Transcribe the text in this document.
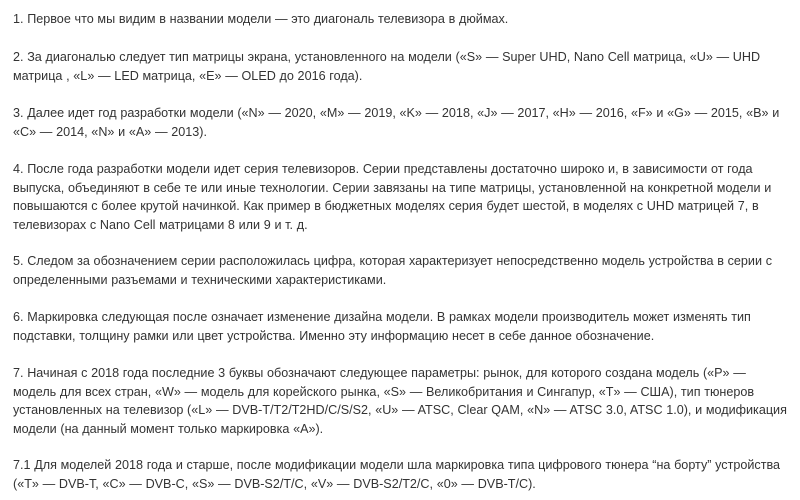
1. Первое что мы видим в названии модели — это диагональ телевизора в дюймах.

2. За диагональю следует тип матрицы экрана, установленного на модели («S» — Super UHD, Nano Cell матрица, «U» — UHD матрица , «L» — LED матрица, «E» — OLED до 2016 года).

3. Далее идет год разработки модели («N» — 2020, «M» — 2019, «K» — 2018, «J» — 2017, «H» — 2016, «F» и «G» — 2015, «B» и «C» — 2014, «N» и «A» — 2013).

4. После года разработки модели идет серия телевизоров. Серии представлены достаточно широко и, в зависимости от года выпуска, объединяют в себе те или иные технологии. Серии завязаны на типе матрицы, установленной на конкретной модели и повышаются с более крутой начинкой. Как пример в бюджетных моделях серия будет шестой, в моделях с UHD матрицей 7, в телевизорах с Nano Cell матрицами 8 или 9 и т. д.

5. Следом за обозначением серии расположилась цифра, которая характеризует непосредственно модель устройства в серии с определенными разъемами и техническими характеристиками.

6. Маркировка следующая после означает изменение дизайна модели. В рамках модели производитель может изменять тип подставки, толщину рамки или цвет устройства. Именно эту информацию несет в себе данное обозначение.

7. Начиная с 2018 года последние 3 буквы обозначают следующее параметры: рынок, для которого создана модель («P» — модель для всех стран, «W» — модель для корейского рынка, «S» — Великобритания и Сингапур, «T» — США), тип тюнеров установленных на телевизор («L» — DVB-T/T2/T2HD/C/S/S2, «U» — ATSC, Clear QAM, «N» — ATSC 3.0, ATSC 1.0), и модификация модели (на данный момент только маркировка «A»).

7.1 Для моделей 2018 года и старше, после модификации модели шла маркировка типа цифрового тюнера “на борту” устройства («T» — DVB-T, «C» — DVB-C, «S» — DVB-S2/T/C, «V» — DVB-S2/T2/C, «0» — DVB-T/C).
